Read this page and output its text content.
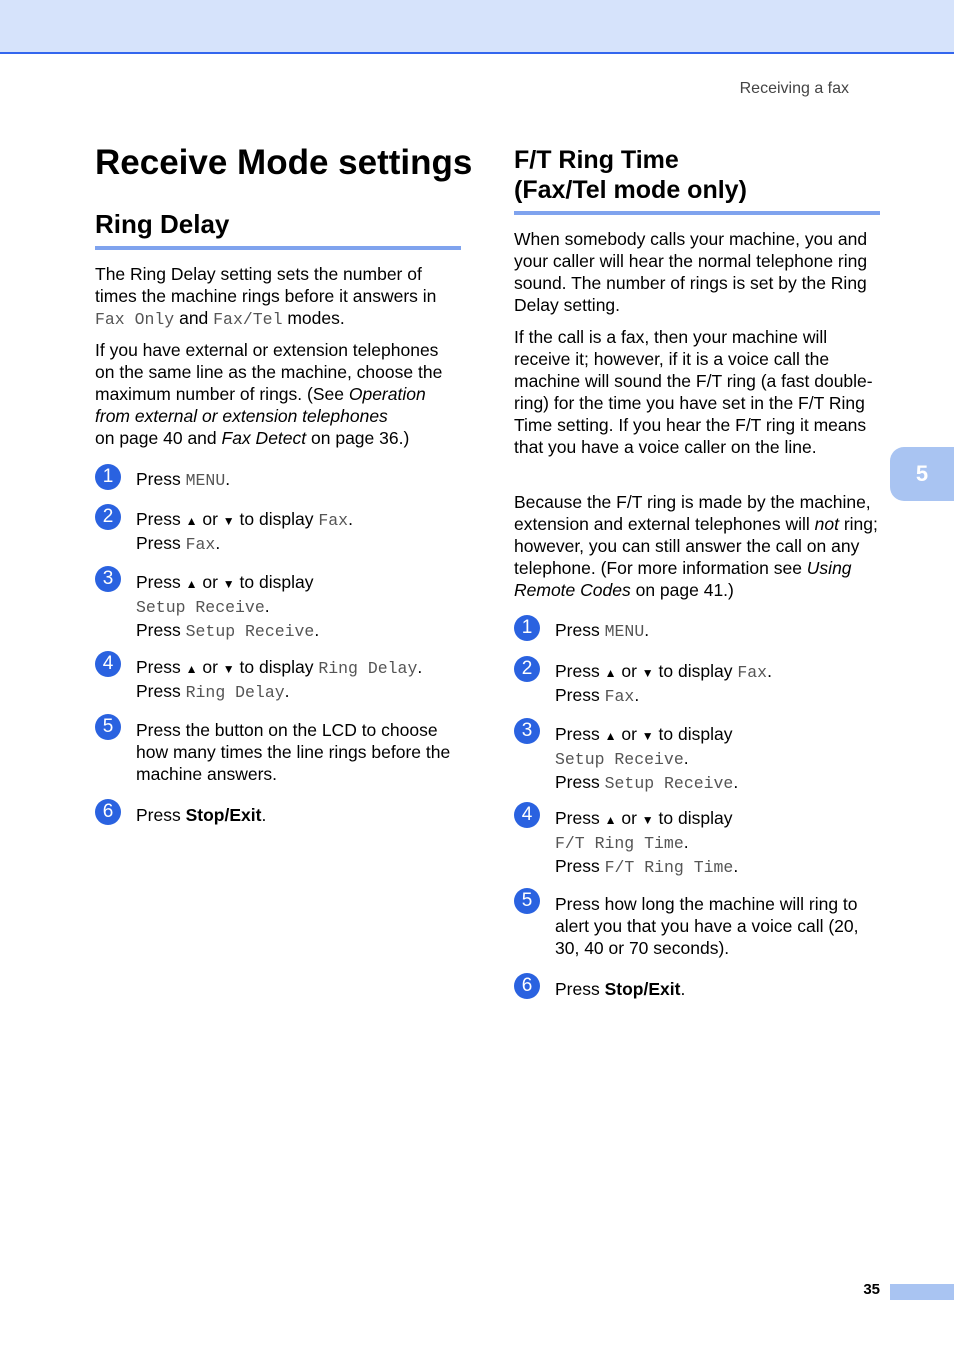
Receiving a fax
5
Receive Mode settings
Ring Delay

The Ring Delay setting sets the number of times the machine rings before it answers in Fax Only and Fax/Tel modes.

If you have external or extension telephones on the same line as the machine, choose the maximum number of rings. (See Operation from external or extension telephones
on page 40 and Fax Detect on page 36.)

1	Press MENU.
2	Press ▲ or ▼ to display Fax.
Press Fax.
3	Press ▲ or ▼ to display
Setup Receive.
Press Setup Receive.
4	Press ▲ or ▼ to display Ring Delay.
Press Ring Delay.
5	Press the button on the LCD to choose how many times the line rings before the machine answers.
6	Press Stop/Exit.
F/T Ring Time
(Fax/Tel mode only)

When somebody calls your machine, you and your caller will hear the normal telephone ring sound. The number of rings is set by the Ring Delay setting.

If the call is a fax, then your machine will receive it; however, if it is a voice call the machine will sound the F/T ring (a fast double-ring) for the time you have set in the F/T Ring Time setting. If you hear the F/T ring it means that you have a voice caller on the line.

Because the F/T ring is made by the machine, extension and external telephones will not ring; however, you can still answer the call on any telephone. (For more information see Using Remote Codes on page 41.)

1	Press MENU.
2	Press ▲ or ▼ to display Fax.
Press Fax.
3	Press ▲ or ▼ to display
Setup Receive.
Press Setup Receive.
4	Press ▲ or ▼ to display
F/T Ring Time.
Press F/T Ring Time.
5	Press how long the machine will ring to alert you that you have a voice call (20, 30, 40 or 70 seconds).
6	Press Stop/Exit.
35
